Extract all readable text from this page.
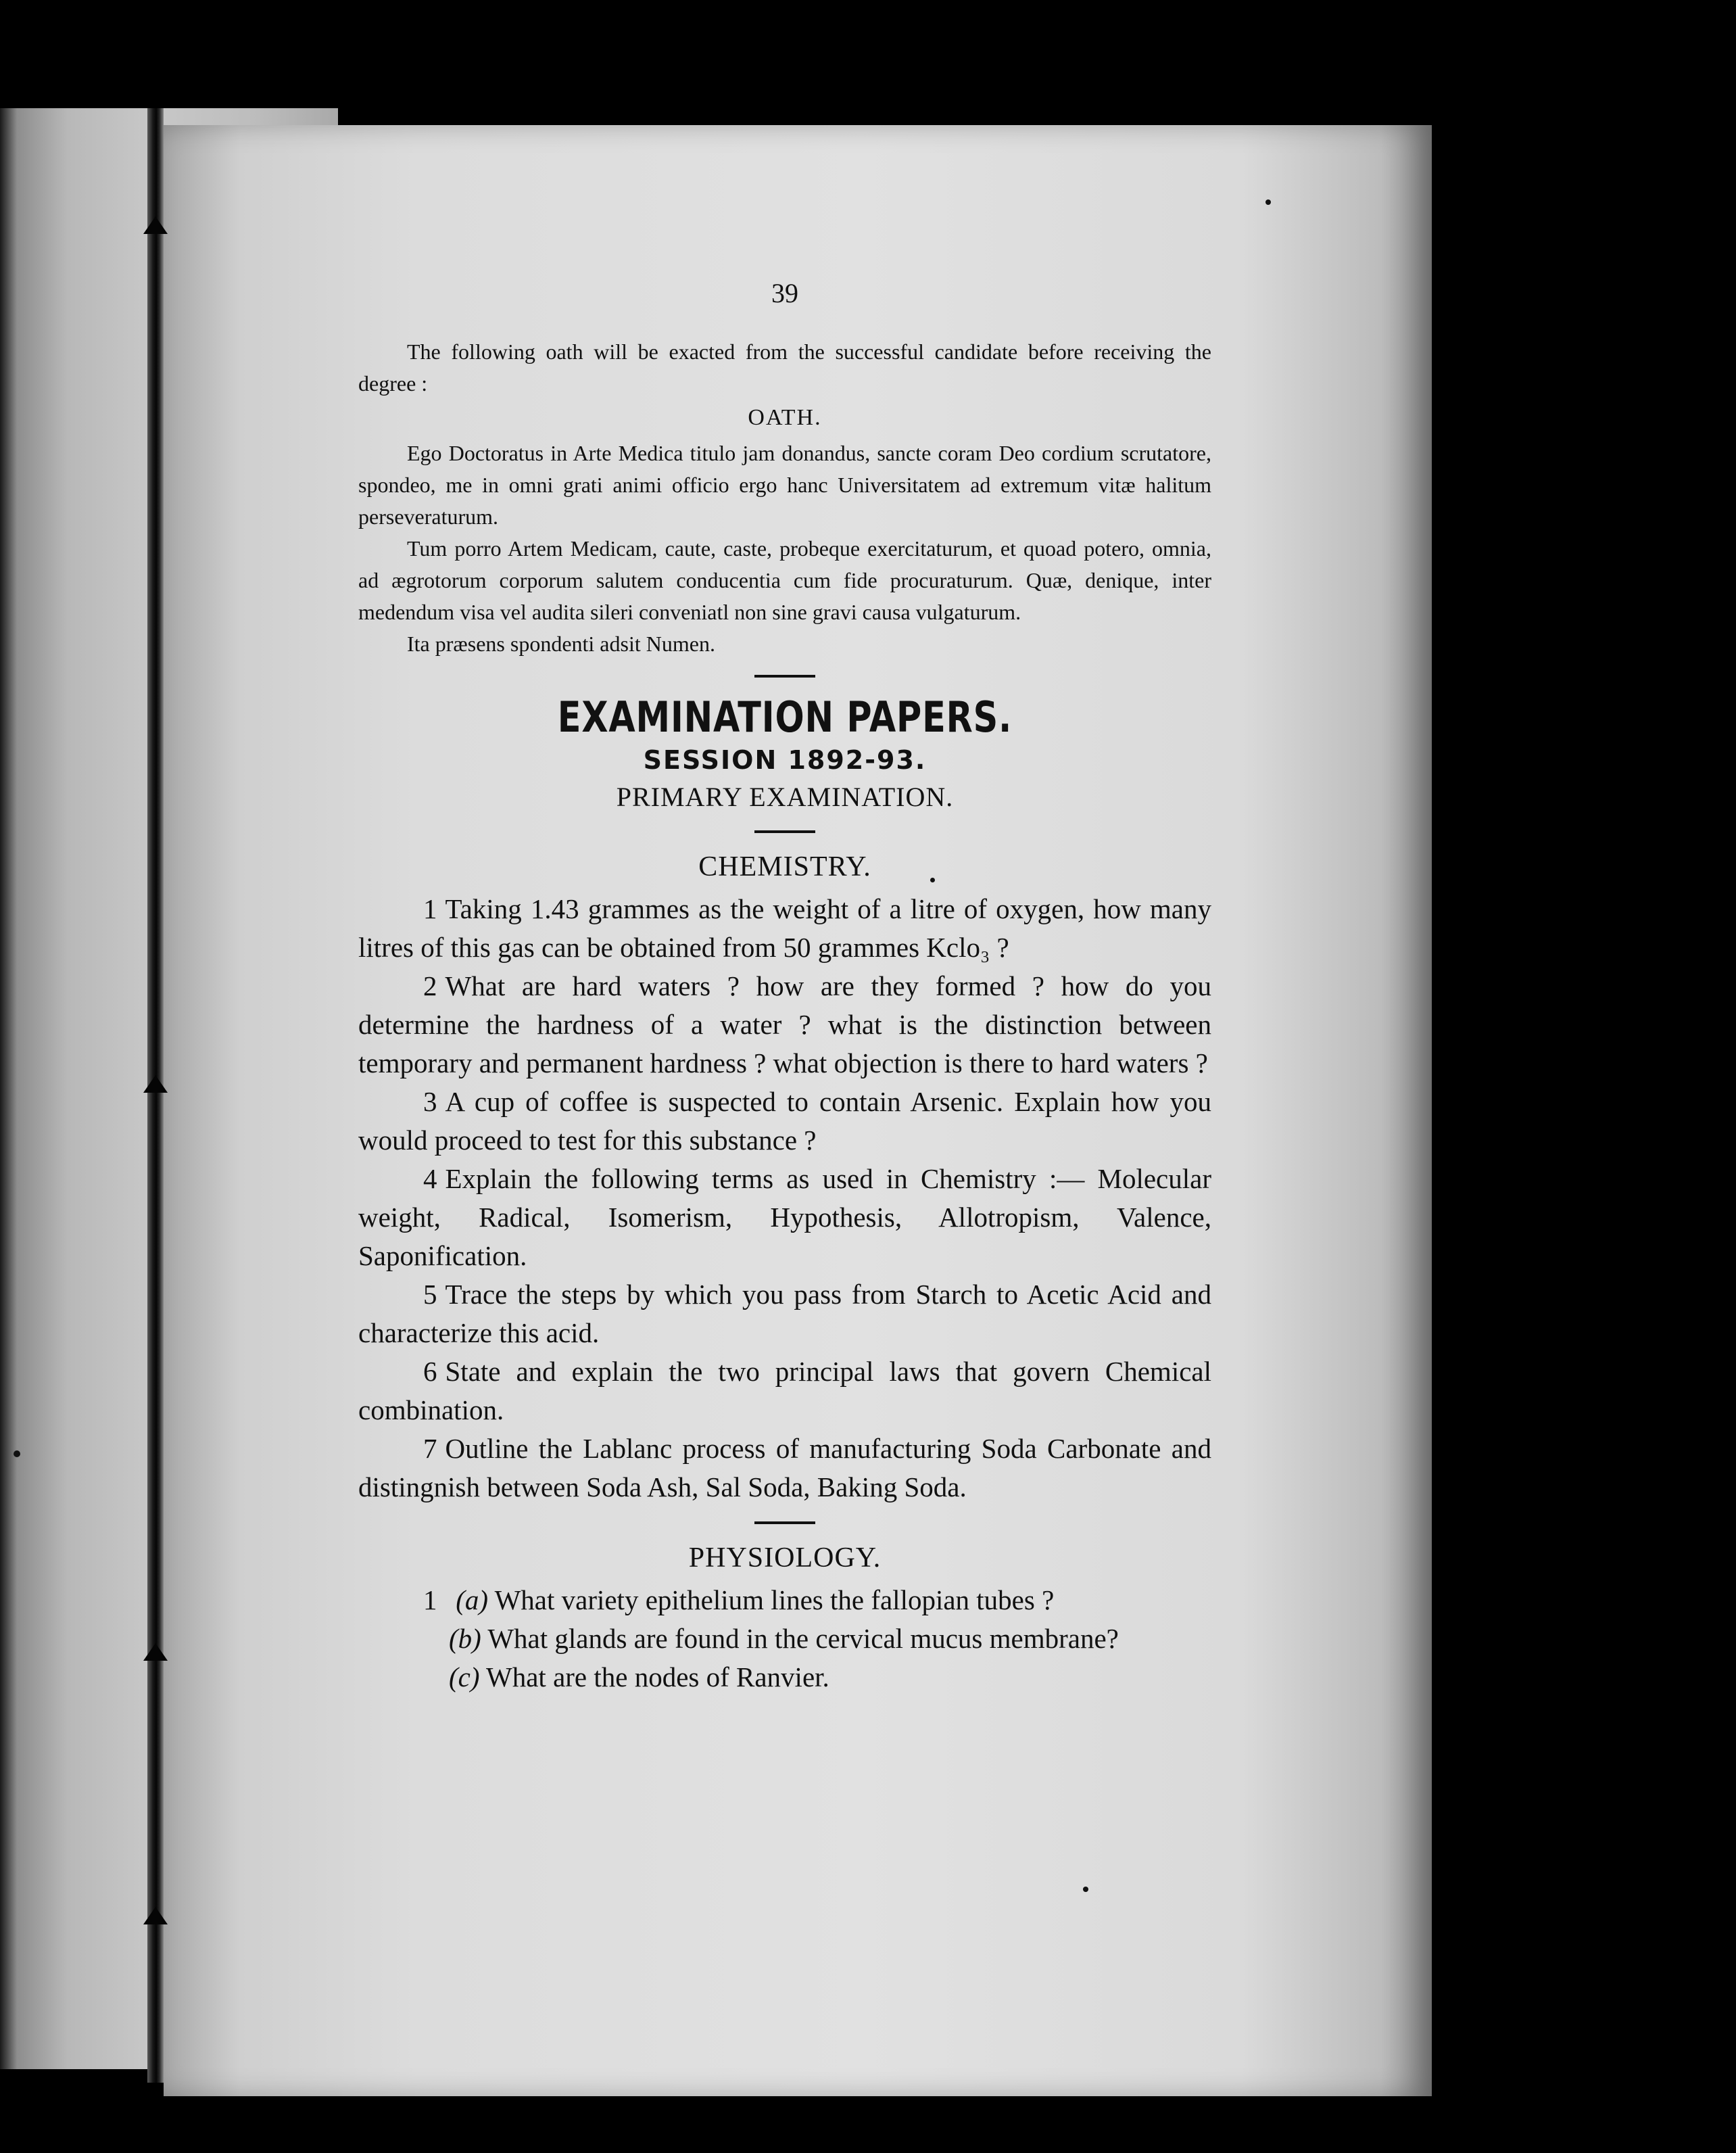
39

The following oath will be exacted from the successful candidate before receiving the degree :

OATH.

Ego Doctoratus in Arte Medica titulo jam donandus, sancte coram Deo cordium scrutatore, spondeo, me in omni grati animi officio ergo hanc Universitatem ad extremum vitæ halitum perseveraturum.

Tum porro Artem Medicam, caute, caste, probeque exercitaturum, et quoad potero, omnia, ad ægrotorum corporum salutem conducentia cum fide procuraturum. Quæ, denique, inter medendum visa vel audita sileri conveniatl non sine gravi causa vulgaturum.

Ita præsens spondenti adsit Numen.

EXAMINATION PAPERS.
SESSION 1892-93.
PRIMARY EXAMINATION.
CHEMISTRY.

1 Taking 1.43 grammes as the weight of a litre of oxygen, how many litres of this gas can be obtained from 50 grammes Kclo₃ ?

2 What are hard waters ? how are they formed ? how do you determine the hardness of a water ? what is the distinction between temporary and permanent hardness ? what objection is there to hard waters ?

3 A cup of coffee is suspected to contain Arsenic. Explain how you would proceed to test for this substance ?

4 Explain the following terms as used in Chemistry :— Molecular weight, Radical, Isomerism, Hypothesis, Allotropism, Valence, Saponification.

5 Trace the steps by which you pass from Starch to Acetic Acid and characterize this acid.

6 State and explain the two principal laws that govern Chemical combination.

7 Outline the Lablanc process of manufacturing Soda Carbonate and distingnish between Soda Ash, Sal Soda, Baking Soda.

PHYSIOLOGY.
1 (a) What variety epithelium lines the fallopian tubes ?
(b) What glands are found in the cervical mucus membrane?
(c) What are the nodes of Ranvier.
